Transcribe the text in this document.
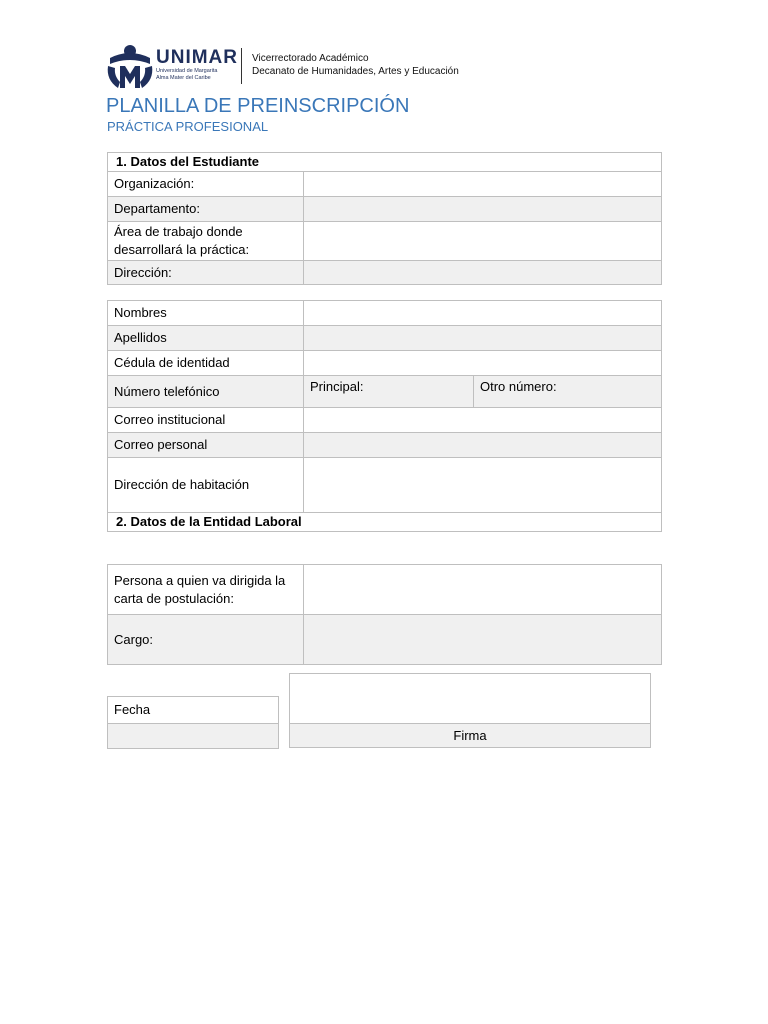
UNIMAR
Universidad de Margarita
Alma Mater del Caribe
Vicerrectorado Académico
Decanato de Humanidades, Artes y Educación
PLANILLA DE PREINSCRIPCIÓN
PRÁCTICA PROFESIONAL
1. Datos del Estudiante	
Organización:	
Departamento:	
Área de trabajo donde desarrollará la práctica:	
Dirección:	
Nombres		
Apellidos		
Cédula de identidad		
Número telefónico	Principal:	Otro número:
Correo institucional		
Correo personal		
Dirección de habitación		
2. Datos de la Entidad Laboral		
Persona a quien va dirigida la carta de postulación:	
Cargo:	
Fecha

Firma
